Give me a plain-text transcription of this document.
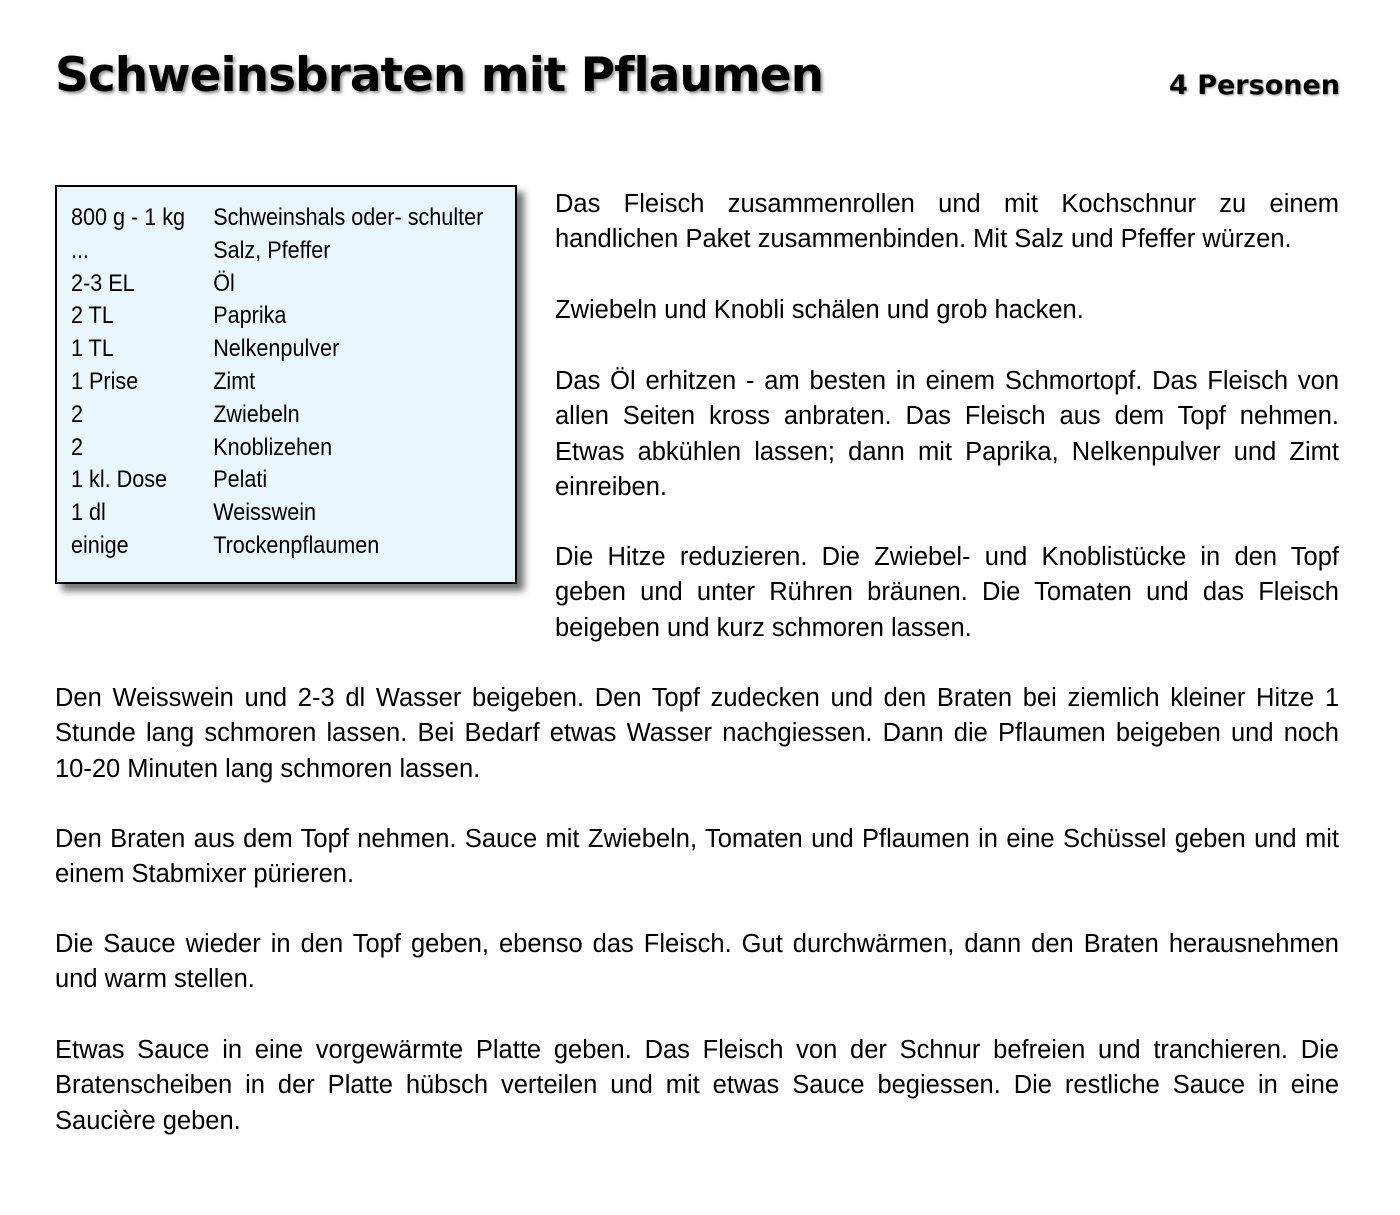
Schweinsbraten mit Pflaumen	4 Personen
800 g - 1 kg	Schweinshals oder- schulter
...	Salz, Pfeffer
2-3 EL	Öl
2 TL	Paprika
1 TL	Nelkenpulver
1 Prise	Zimt
2	Zwiebeln
2	Knoblizehen
1 kl. Dose	Pelati
1 dl	Weisswein
einige	Trockenpflaumen

Das Fleisch zusammenrollen und mit Kochschnur zu einem handlichen Paket zusammenbinden. Mit Salz und Pfeffer würzen.

Zwiebeln und Knobli schälen und grob hacken.

Das Öl erhitzen - am besten in einem Schmortopf. Das Fleisch von allen Seiten kross anbraten. Das Fleisch aus dem Topf nehmen. Etwas abkühlen lassen; dann mit Paprika, Nelkenpulver und Zimt einreiben.

Die Hitze reduzieren. Die Zwiebel- und Knoblistücke in den Topf geben und unter Rühren bräunen. Die Tomaten und das Fleisch beigeben und kurz schmoren lassen.

Den Weisswein und 2-3 dl Wasser beigeben. Den Topf zudecken und den Braten bei ziemlich kleiner Hitze 1 Stunde lang schmoren lassen. Bei Bedarf etwas Wasser nachgiessen. Dann die Pflaumen beigeben und noch 10-20 Minuten lang schmoren lassen.

Den Braten aus dem Topf nehmen. Sauce mit Zwiebeln, Tomaten und Pflaumen in eine Schüssel geben und mit einem Stabmixer pürieren.

Die Sauce wieder in den Topf geben, ebenso das Fleisch. Gut durchwärmen, dann den Braten herausnehmen und warm stellen.

Etwas Sauce in eine vorgewärmte Platte geben. Das Fleisch von der Schnur befreien und tranchieren. Die Bratenscheiben in der Platte hübsch verteilen und mit etwas Sauce begiessen. Die restliche Sauce in eine Saucière geben.
